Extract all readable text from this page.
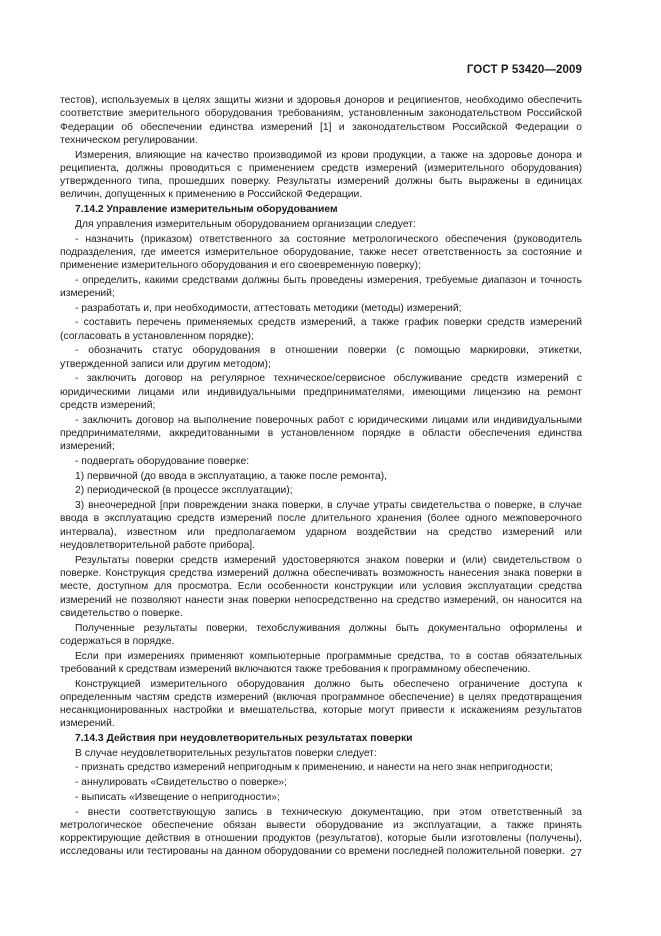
ГОСТ Р 53420—2009

тестов), используемых в целях защиты жизни и здоровья доноров и реципиентов, необходимо обеспечить соответствие змерительного оборудования требованиям, установленным законодательством Российской Федерации об обеспечении единства измерений [1] и законодательством Российской Федерации о техническом регулировании.

Измерения, влияющие на качество производимой из крови продукции, а также на здоровье донора и реципиента, должны проводиться с применением средств измерений (измерительного оборудования) утвержденного типа, прошедших поверку. Результаты измерений должны быть выражены в единицах величин, допущенных к применению в Российской Федерации.

7.14.2 Управление измерительным оборудованием

Для управления измерительным оборудованием организации следует:

- назначить (приказом) ответственного за состояние метрологического обеспечения (руководитель подразделения, где имеется измерительное оборудование, также несет ответственность за состояние и применение измерительного оборудования и его своевременную поверку);

- определить, какими средствами должны быть проведены измерения, требуемые диапазон и точность измерений;

- разработать и, при необходимости, аттестовать методики (методы) измерений;

- составить перечень применяемых средств измерений, а также график поверки средств измерений (согласовать в установленном порядке);

- обозначить статус оборудования в отношении поверки (с помощью маркировки, этикетки, утвержденной записи или другим методом);

- заключить договор на регулярное техническое/сервисное обслуживание средств измерений с юридическими лицами или индивидуальными предпринимателями, имеющими лицензию на ремонт средств измерений;

- заключить договор на выполнение поверочных работ с юридическими лицами или индивидуальными предпринимателями, аккредитованными в установленном порядке в области обеспечения единства измерений;

- подвергать оборудование поверке:

1) первичной (до ввода в эксплуатацию, а также после ремонта),

2) периодической (в процессе эксплуатации);

3) внеочередной [при повреждении знака поверки, в случае утраты свидетельства о поверке, в случае ввода в эксплуатацию средств измерений после длительного хранения (более одного межповерочного интервала), известном или предполагаемом ударном воздействии на средство измерений или неудовлетворительной работе прибора].

Результаты поверки средств измерений удостоверяются знаком поверки и (или) свидетельством о поверке. Конструкция средства измерений должна обеспечивать возможность нанесения знака поверки в месте, доступном для просмотра. Если особенности конструкции или условия эксплуатации средства измерений не позволяют нанести знак поверки непосредственно на средство измерений, он наносится на свидетельство о поверке.

Полученные результаты поверки, техобслуживания должны быть документально оформлены и содержаться в порядке.

Если при измерениях применяют компьютерные программные средства, то в состав обязательных требований к средствам измерений включаются также требования к программному обеспечению.

Конструкцией измерительного оборудования должно быть обеспечено ограничение доступа к определенным частям средств измерений (включая программное обеспечение) в целях предотвращения несанкционированных настройки и вмешательства, которые могут привести к искажениям результатов измерений.

7.14.3 Действия при неудовлетворительных результатах поверки

В случае неудовлетворительных результатов поверки следует:

- признать средство измерений непригодным к применению, и нанести на него знак непригодности;

- аннулировать «Свидетельство о поверке»;

- выписать «Извещение о непригодности»;

- внести соответствующую запись в техническую документацию, при этом ответственный за метрологическое обеспечение обязан вывести оборудование из эксплуатации, а также принять корректирующие действия в отношении продуктов (результатов), которые были изготовлены (получены), исследованы или тестированы на данном оборудовании со времени последней положительной поверки. 27
